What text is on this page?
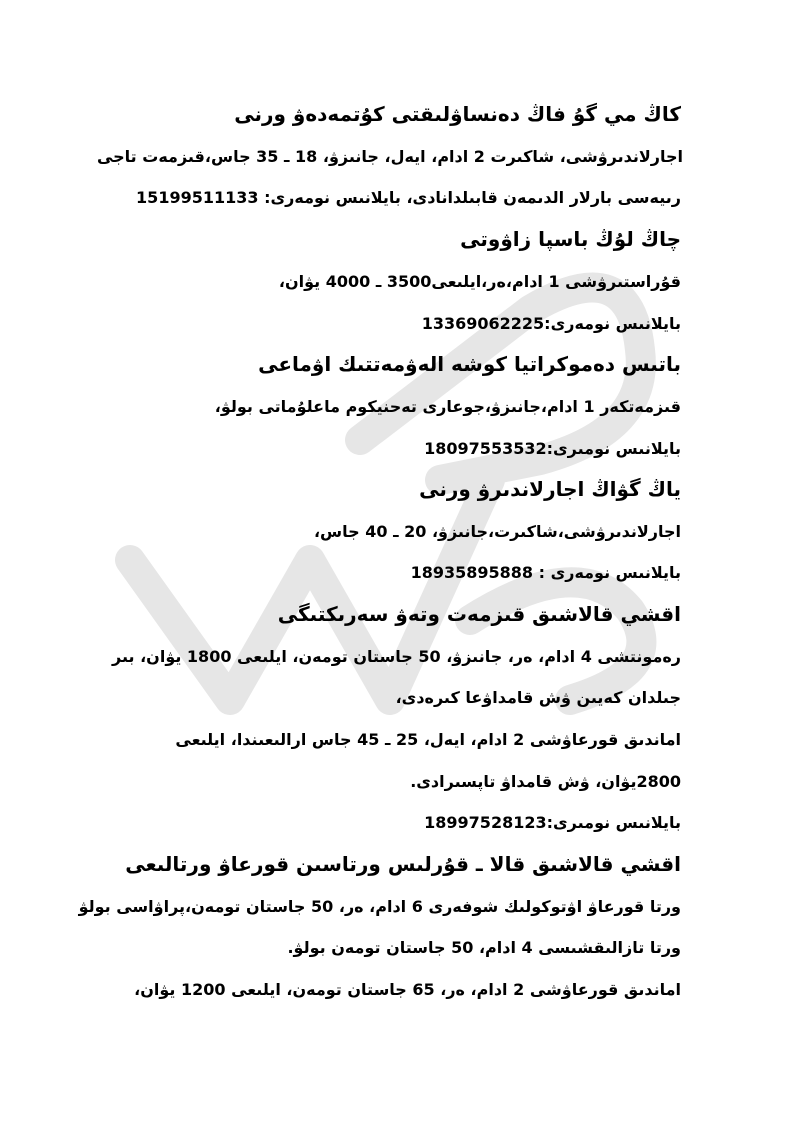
كاڭ مي گۇ فاڭ دەنساۋلىقتى كۇتمەدەۋ ورنى
اجارلاندىرۋشى، شاكىرت 2 ادام، ايەل، جانىزۋ، 18 ـ 35 جاس،قىزمەت تاجى
رىيەسى بارلار الدىمەن قابىلدانادى، بايلانىس نومەرى: 15199511133
چاڭ لۇڭ باسپا زاۋوتى
قۇراستىرۋشى 1 ادام،ەر،ايلىعى3500 ـ 4000 يۋان،
بايلانىس نومەرى:13369062225
باتىس دەموكراتيا كوشە الەۋمەتتىك اۋماعى
قىزمەتكەر 1 ادام،جانىزۋ،جوعارى تەحنيكوم ماعلۇماتى بولۋ،
بايلانىس نومىرى:18097553532
ياڭ گۋاڭ اجارلاندىرۋ ورنى
اجارلاندىرۋشى،شاكىرت،جانىزۋ، 20 ـ 40 جاس،
بايلانىس نومەرى : 18935895888
اقشي قالاشىق قىزمەت وتەۋ سەرىكتىگى
رەمونتشى 4 ادام، ەر، جانىزۋ، 50 جاستان تومەن، ايلىعى 1800 يۋان، بىر
جىلدان كەيىن ۋش قامداۋعا كىرەدى،
اماندىق قورعاۋشى 2 ادام، ايەل، 25 ـ 45 جاس ارالىعىندا، ايلىعى
2800يۋان، ۋش قامداۋ تاپسىرادى.
بايلانىس نومىرى:18997528123
اقشي قالاشىق قالا ـ قۇرلىس ورتاسىن قورعاۋ ورتالىعى
ورتا قورعاۋ اۋتوكولىك شوفەرى 6 ادام، ەر، 50 جاستان تومەن،پراۋاسى بولۋ
ورتا تازالىقشىسى 4 ادام، 50 جاستان تومەن بولۋ.
اماندىق قورعاۋشى 2 ادام، ەر، 65 جاستان تومەن، ايلىعى 1200 يۋان،
